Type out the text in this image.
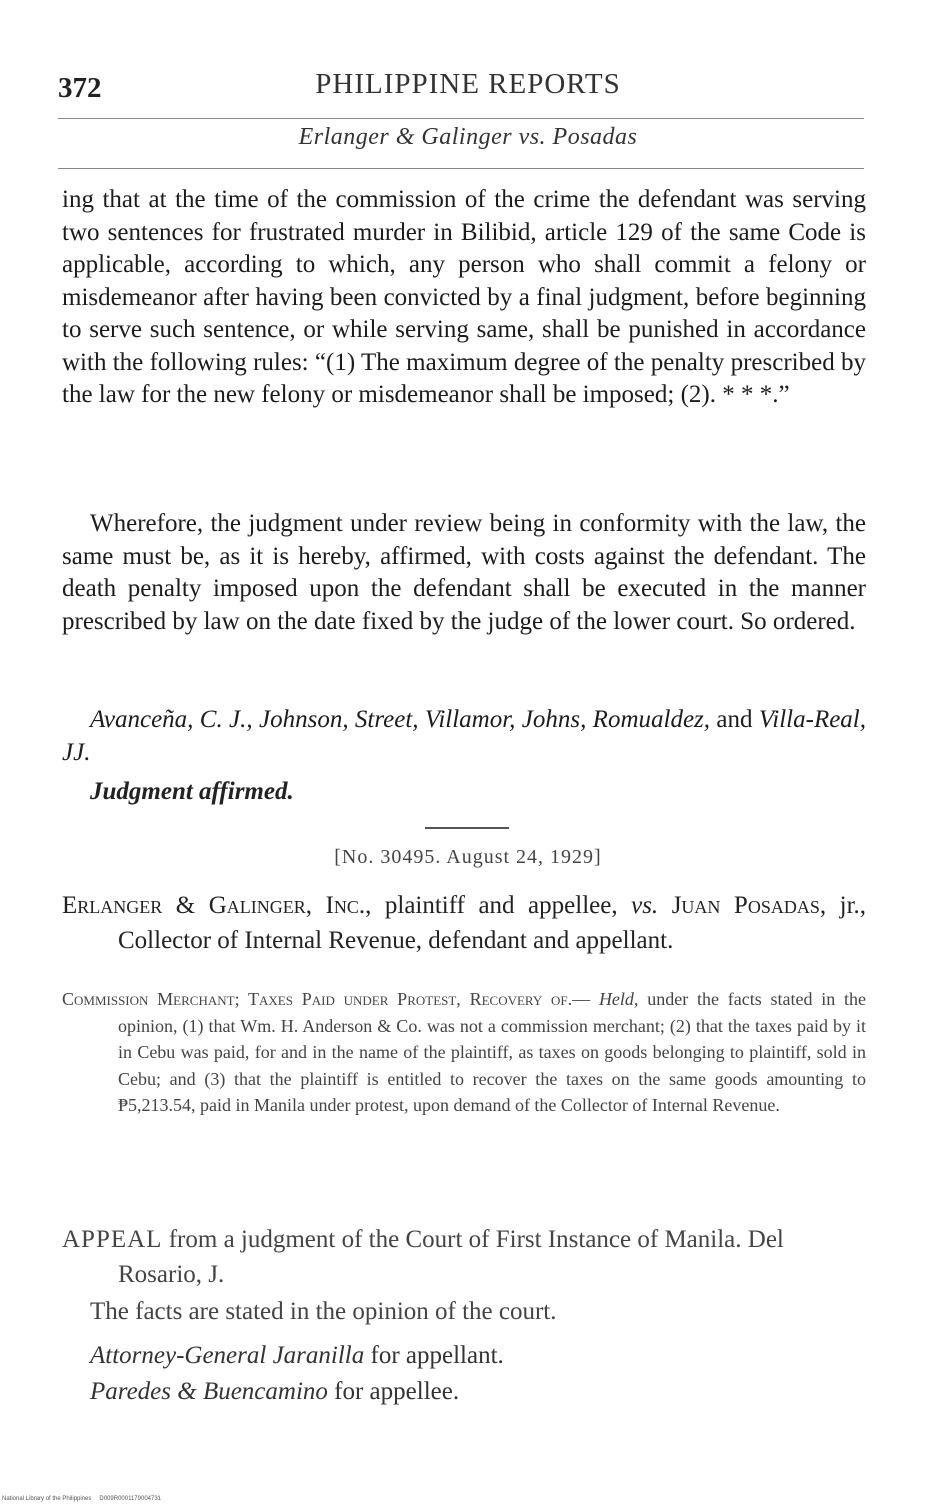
372	PHILIPPINE REPORTS
Erlanger & Galinger vs. Posadas
ing that at the time of the commission of the crime the defendant was serving two sentences for frustrated murder in Bilibid, article 129 of the same Code is applicable, according to which, any person who shall commit a felony or misdemeanor after having been convicted by a final judgment, before beginning to serve such sentence, or while serving same, shall be punished in accordance with the following rules: “(1) The maximum degree of the penalty prescribed by the law for the new felony or misdemeanor shall be imposed; (2). * * *.”
Wherefore, the judgment under review being in conformity with the law, the same must be, as it is hereby, affirmed, with costs against the defendant. The death penalty imposed upon the defendant shall be executed in the manner prescribed by law on the date fixed by the judge of the lower court. So ordered.
Avanceña, C. J., Johnson, Street, Villamor, Johns, Romualdez, and Villa-Real, JJ.
Judgment affirmed.
[No. 30495. August 24, 1929]
Erlanger & Galinger, Inc., plaintiff and appellee, vs. Juan Posadas, jr., Collector of Internal Revenue, defendant and appellant.
Commission Merchant; Taxes Paid under Protest, Recovery of.— Held, under the facts stated in the opinion, (1) that Wm. H. Anderson & Co. was not a commission merchant; (2) that the taxes paid by it in Cebu was paid, for and in the name of the plaintiff, as taxes on goods belonging to plaintiff, sold in Cebu; and (3) that the plaintiff is entitled to recover the taxes on the same goods amounting to ₱5,213.54, paid in Manila under protest, upon demand of the Collector of Internal Revenue.
APPEAL from a judgment of the Court of First Instance of Manila. Del Rosario, J.
The facts are stated in the opinion of the court.
Attorney-General Jaranilla for appellant.
Paredes & Buencamino for appellee.
National Library of the Philippines D009R0001179004731
